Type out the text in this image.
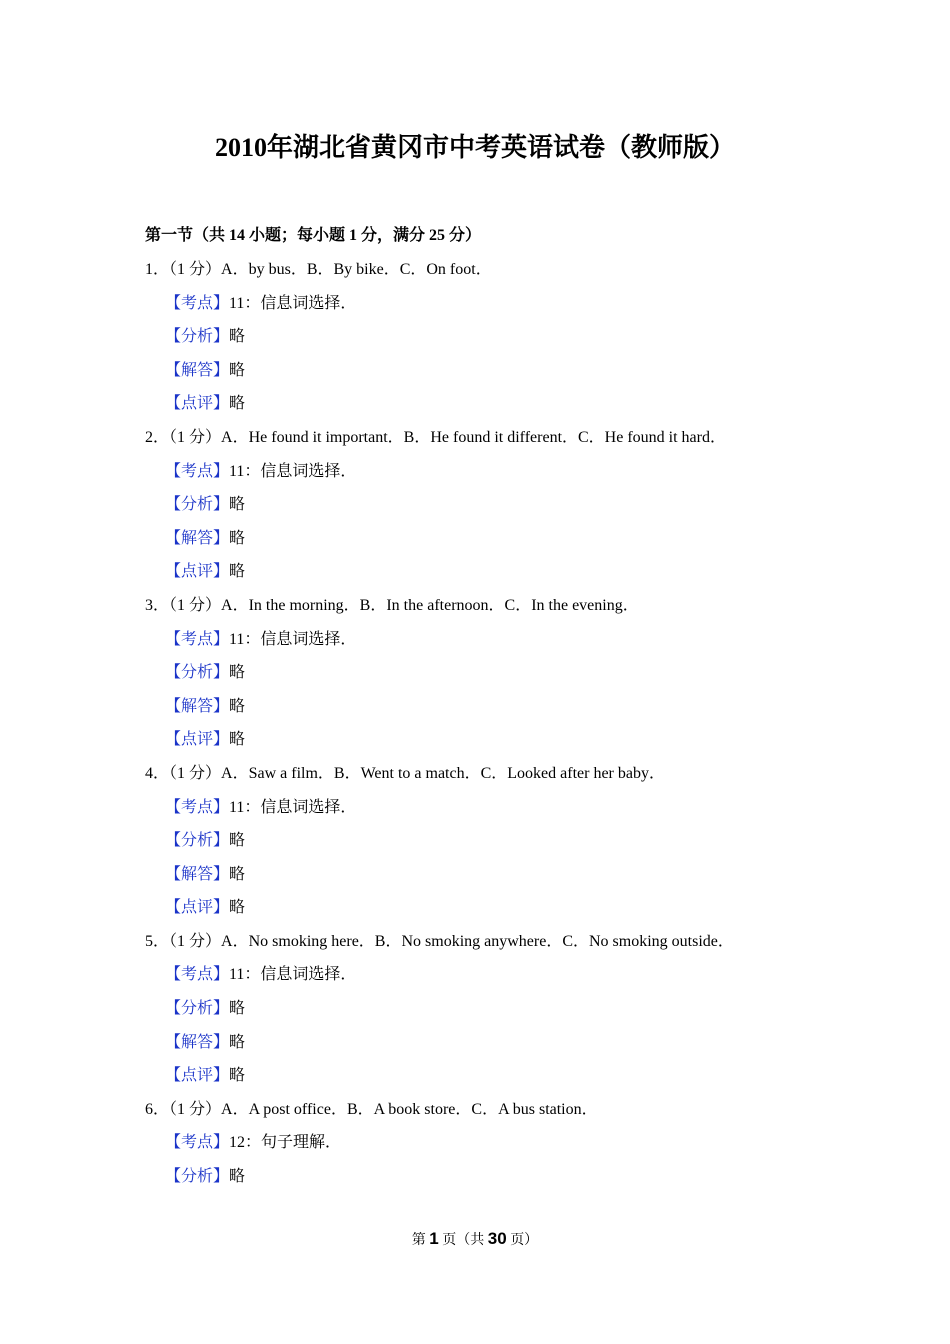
2010年湖北省黄冈市中考英语试卷（教师版）
第一节（共 14 小题；每小题 1 分，满分 25 分）
1．（1 分）A．by bus．B．By bike．C．On foot．
【考点】11：信息词选择．
【分析】略
【解答】略
【点评】略
2．（1 分）A．He found it important．B．He found it different．C．He found it hard．
【考点】11：信息词选择．
【分析】略
【解答】略
【点评】略
3．（1 分）A．In the morning．B．In the afternoon．C．In the evening．
【考点】11：信息词选择．
【分析】略
【解答】略
【点评】略
4．（1 分）A．Saw a film．B．Went to a match．C．Looked after her baby．
【考点】11：信息词选择．
【分析】略
【解答】略
【点评】略
5．（1 分）A．No smoking here．B．No smoking anywhere．C．No smoking outside．
【考点】11：信息词选择．
【分析】略
【解答】略
【点评】略
6．（1 分）A．A post office．B．A book store．C．A bus station．
【考点】12：句子理解．
【分析】略
第 1 页（共 30 页）
